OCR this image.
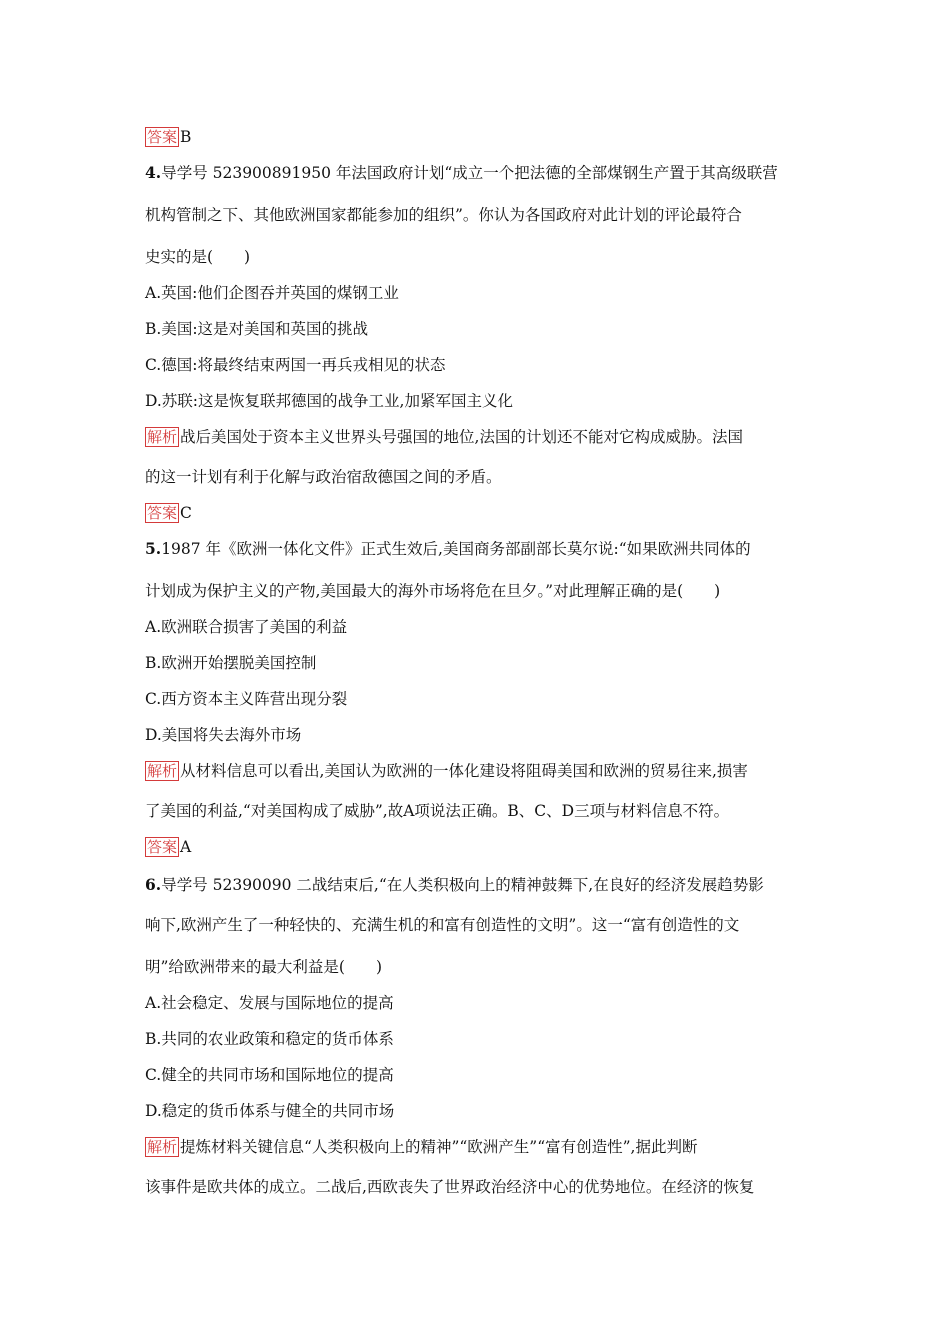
答案 B
4.导学号 523900891950 年法国政府计划“成立一个把法德的全部煤钢生产置于其高级联营
机构管制之下、其他欧洲国家都能参加的组织”。你认为各国政府对此计划的评论最符合
史实的是(　　)
A.英国:他们企图吞并英国的煤钢工业
B.美国:这是对美国和英国的挑战
C.德国:将最终结束两国一再兵戎相见的状态
D.苏联:这是恢复联邦德国的战争工业,加紧军国主义化
解析 战后美国处于资本主义世界头号强国的地位,法国的计划还不能对它构成威胁。法国
的这一计划有利于化解与政治宿敌德国之间的矛盾。
答案 C
5.1987 年《欧洲一体化文件》正式生效后,美国商务部副部长莫尔说:“如果欧洲共同体的
计划成为保护主义的产物,美国最大的海外市场将危在旦夕。”对此理解正确的是(　　)
A.欧洲联合损害了美国的利益
B.欧洲开始摆脱美国控制
C.西方资本主义阵营出现分裂
D.美国将失去海外市场
解析 从材料信息可以看出,美国认为欧洲的一体化建设将阻碍美国和欧洲的贸易往来,损害
了美国的利益,“对美国构成了威胁”,故A项说法正确。B、C、D三项与材料信息不符。
答案 A
6.导学号 52390090 二战结束后,“在人类积极向上的精神鼓舞下,在良好的经济发展趋势影
响下,欧洲产生了一种轻快的、充满生机的和富有创造性的文明”。这一“富有创造性的文
明”给欧洲带来的最大利益是(　　)
A.社会稳定、发展与国际地位的提高
B.共同的农业政策和稳定的货币体系
C.健全的共同市场和国际地位的提高
D.稳定的货币体系与健全的共同市场
解析 提炼材料关键信息“人类积极向上的精神”“欧洲产生”“富有创造性”,据此判断
该事件是欧共体的成立。二战后,西欧丧失了世界政治经济中心的优势地位。在经济的恢复
